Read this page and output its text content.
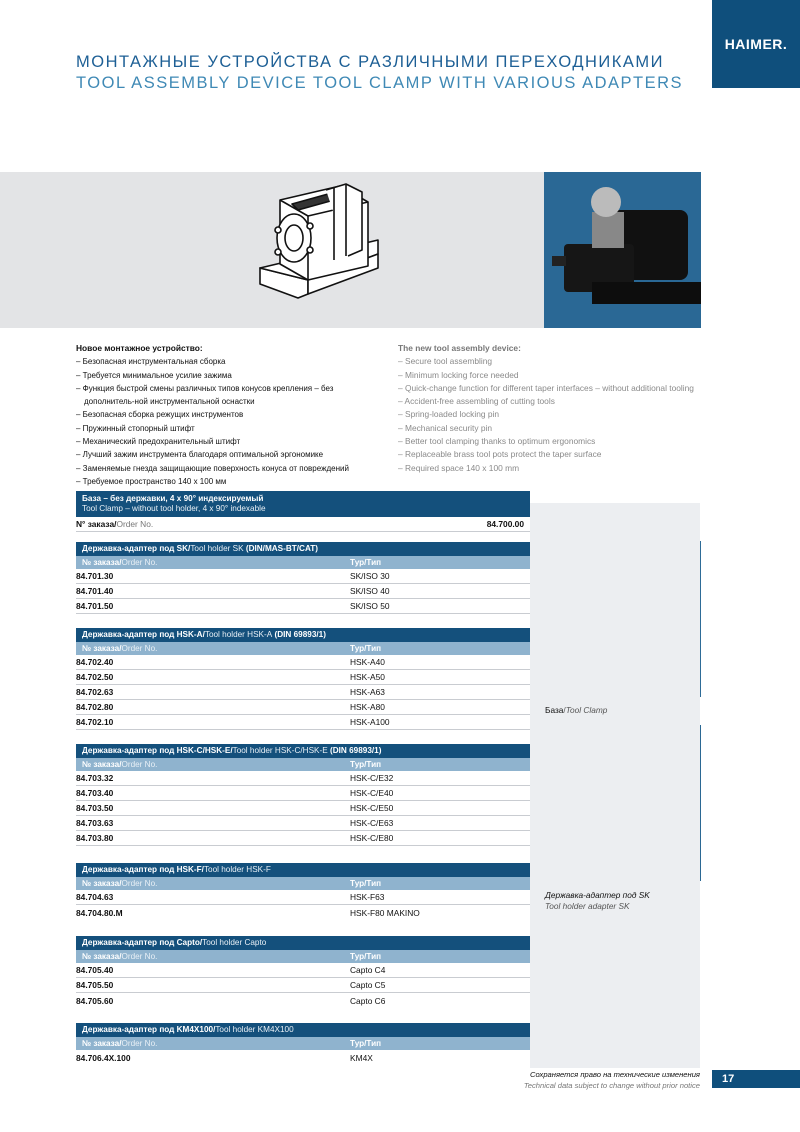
HAIMER.
МОНТАЖНЫЕ УСТРОЙСТВА С РАЗЛИЧНЫМИ ПЕРЕХОДНИКАМИ
TOOL ASSEMBLY DEVICE TOOL CLAMP WITH VARIOUS ADAPTERS
Новое монтажное устройство:
– Безопасная инструментальная сборка
– Требуется минимальное усилие зажима
– Функция быстрой смены различных типов конусов крепления – без дополнитель-ной инструментальной оснастки
– Безопасная сборка режущих инструментов
– Пружинный стопорный штифт
– Механический предохранительный штифт
– Лучший зажим инструмента благодаря оптимальной эргономике
– Заменяемые гнезда защищающие поверхность конуса от повреждений
– Требуемое пространство 140 x 100 мм
The new tool assembly device:
– Secure tool assembling
– Minimum locking force needed
– Quick-change function for different taper interfaces – without additional tooling
– Accident-free assembling of cutting tools
– Spring-loaded locking pin
– Mechanical security pin
– Better tool clamping thanks to optimum ergonomics
– Replaceable brass tool pots protect the taper surface
– Required space 140 x 100 mm
База – без державки, 4 x 90° индексируемый
Tool Clamp – without tool holder, 4 x 90° indexable
N° заказа/Order No.	84.700.00
Державка-адаптер под SK/Tool holder SK (DIN/MAS-BT/CAT)
№ заказа/Order No.	Тур/Тип
84.701.30	SK/ISO 30
84.701.40	SK/ISO 40
84.701.50	SK/ISO 50
Державка-адаптер под HSK-A/Tool holder HSK-A (DIN 69893/1)
№ заказа/Order No.	Тур/Тип
84.702.40	HSK-A40
84.702.50	HSK-A50
84.702.63	HSK-A63
84.702.80	HSK-A80
84.702.10	HSK-A100
Державка-адаптер под HSK-C/HSK-E/Tool holder HSK-C/HSK-E (DIN 69893/1)
№ заказа/Order No.	Тур/Тип
84.703.32	HSK-C/E32
84.703.40	HSK-C/E40
84.703.50	HSK-C/E50
84.703.63	HSK-C/E63
84.703.80	HSK-C/E80
Державка-адаптер под HSK-F/Tool holder HSK-F
№ заказа/Order No.	Тур/Тип
84.704.63	HSK-F63
84.704.80.M	HSK-F80 MAKINO
Державка-адаптер под Capto/Tool holder Capto
№ заказа/Order No.	Тур/Тип
84.705.40	Capto C4
84.705.50	Capto C5
84.705.60	Capto C6
Державка-адаптер под KM4X100/Tool holder KM4X100
№ заказа/Order No.	Тур/Тип
84.706.4X.100	KM4X
База/Tool Clamp
Державка-адаптер под SK
Tool holder adapter SK
Сохраняется право на технические изменения
Technical data subject to change without prior notice
17
